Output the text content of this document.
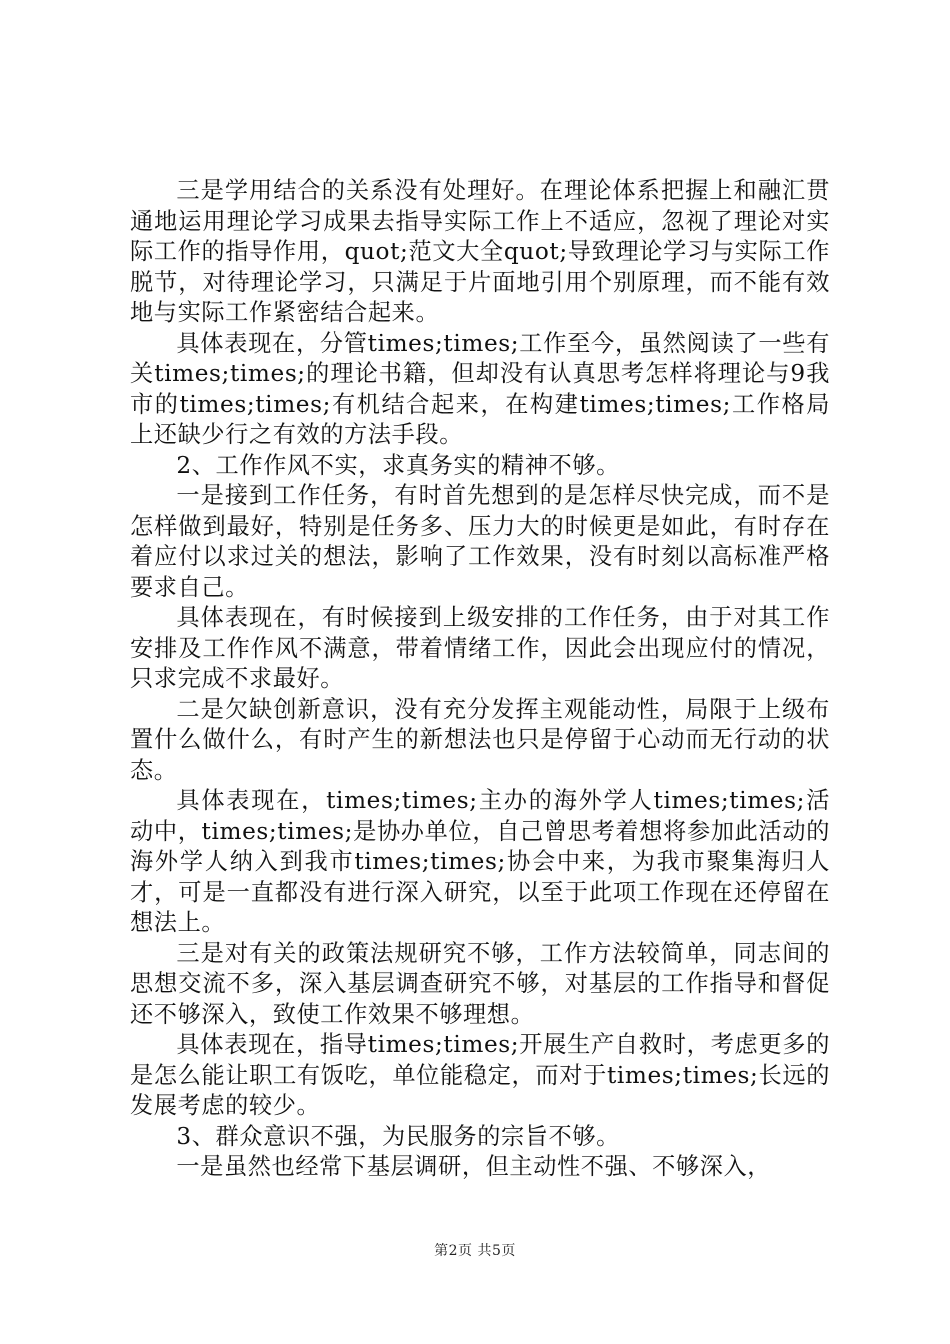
三是学用结合的关系没有处理好。在理论体系把握上和融汇贯通地运用理论学习成果去指导实际工作上不适应，忽视了理论对实际工作的指导作用，quot;范文大全quot;导致理论学习与实际工作脱节，对待理论学习，只满足于片面地引用个别原理，而不能有效地与实际工作紧密结合起来。

具体表现在，分管times;times;工作至今，虽然阅读了一些有关times;times;的理论书籍，但却没有认真思考怎样将理论与9我市的times;times;有机结合起来，在构建times;times;工作格局上还缺少行之有效的方法手段。

2、工作作风不实，求真务实的精神不够。

一是接到工作任务，有时首先想到的是怎样尽快完成，而不是怎样做到最好，特别是任务多、压力大的时候更是如此，有时存在着应付以求过关的想法，影响了工作效果，没有时刻以高标准严格要求自己。

具体表现在，有时候接到上级安排的工作任务，由于对其工作安排及工作作风不满意，带着情绪工作，因此会出现应付的情况，只求完成不求最好。

二是欠缺创新意识，没有充分发挥主观能动性，局限于上级布置什么做什么，有时产生的新想法也只是停留于心动而无行动的状态。

具体表现在，times;times;主办的海外学人times;times;活动中，times;times;是协办单位，自己曾思考着想将参加此活动的海外学人纳入到我市times;times;协会中来，为我市聚集海归人才，可是一直都没有进行深入研究，以至于此项工作现在还停留在想法上。

三是对有关的政策法规研究不够，工作方法较简单，同志间的思想交流不多，深入基层调查研究不够，对基层的工作指导和督促还不够深入，致使工作效果不够理想。

具体表现在，指导times;times;开展生产自救时，考虑更多的是怎么能让职工有饭吃，单位能稳定，而对于times;times;长远的发展考虑的较少。

3、群众意识不强，为民服务的宗旨不够。

一是虽然也经常下基层调研，但主动性不强、不够深入，

第2页 共5页
